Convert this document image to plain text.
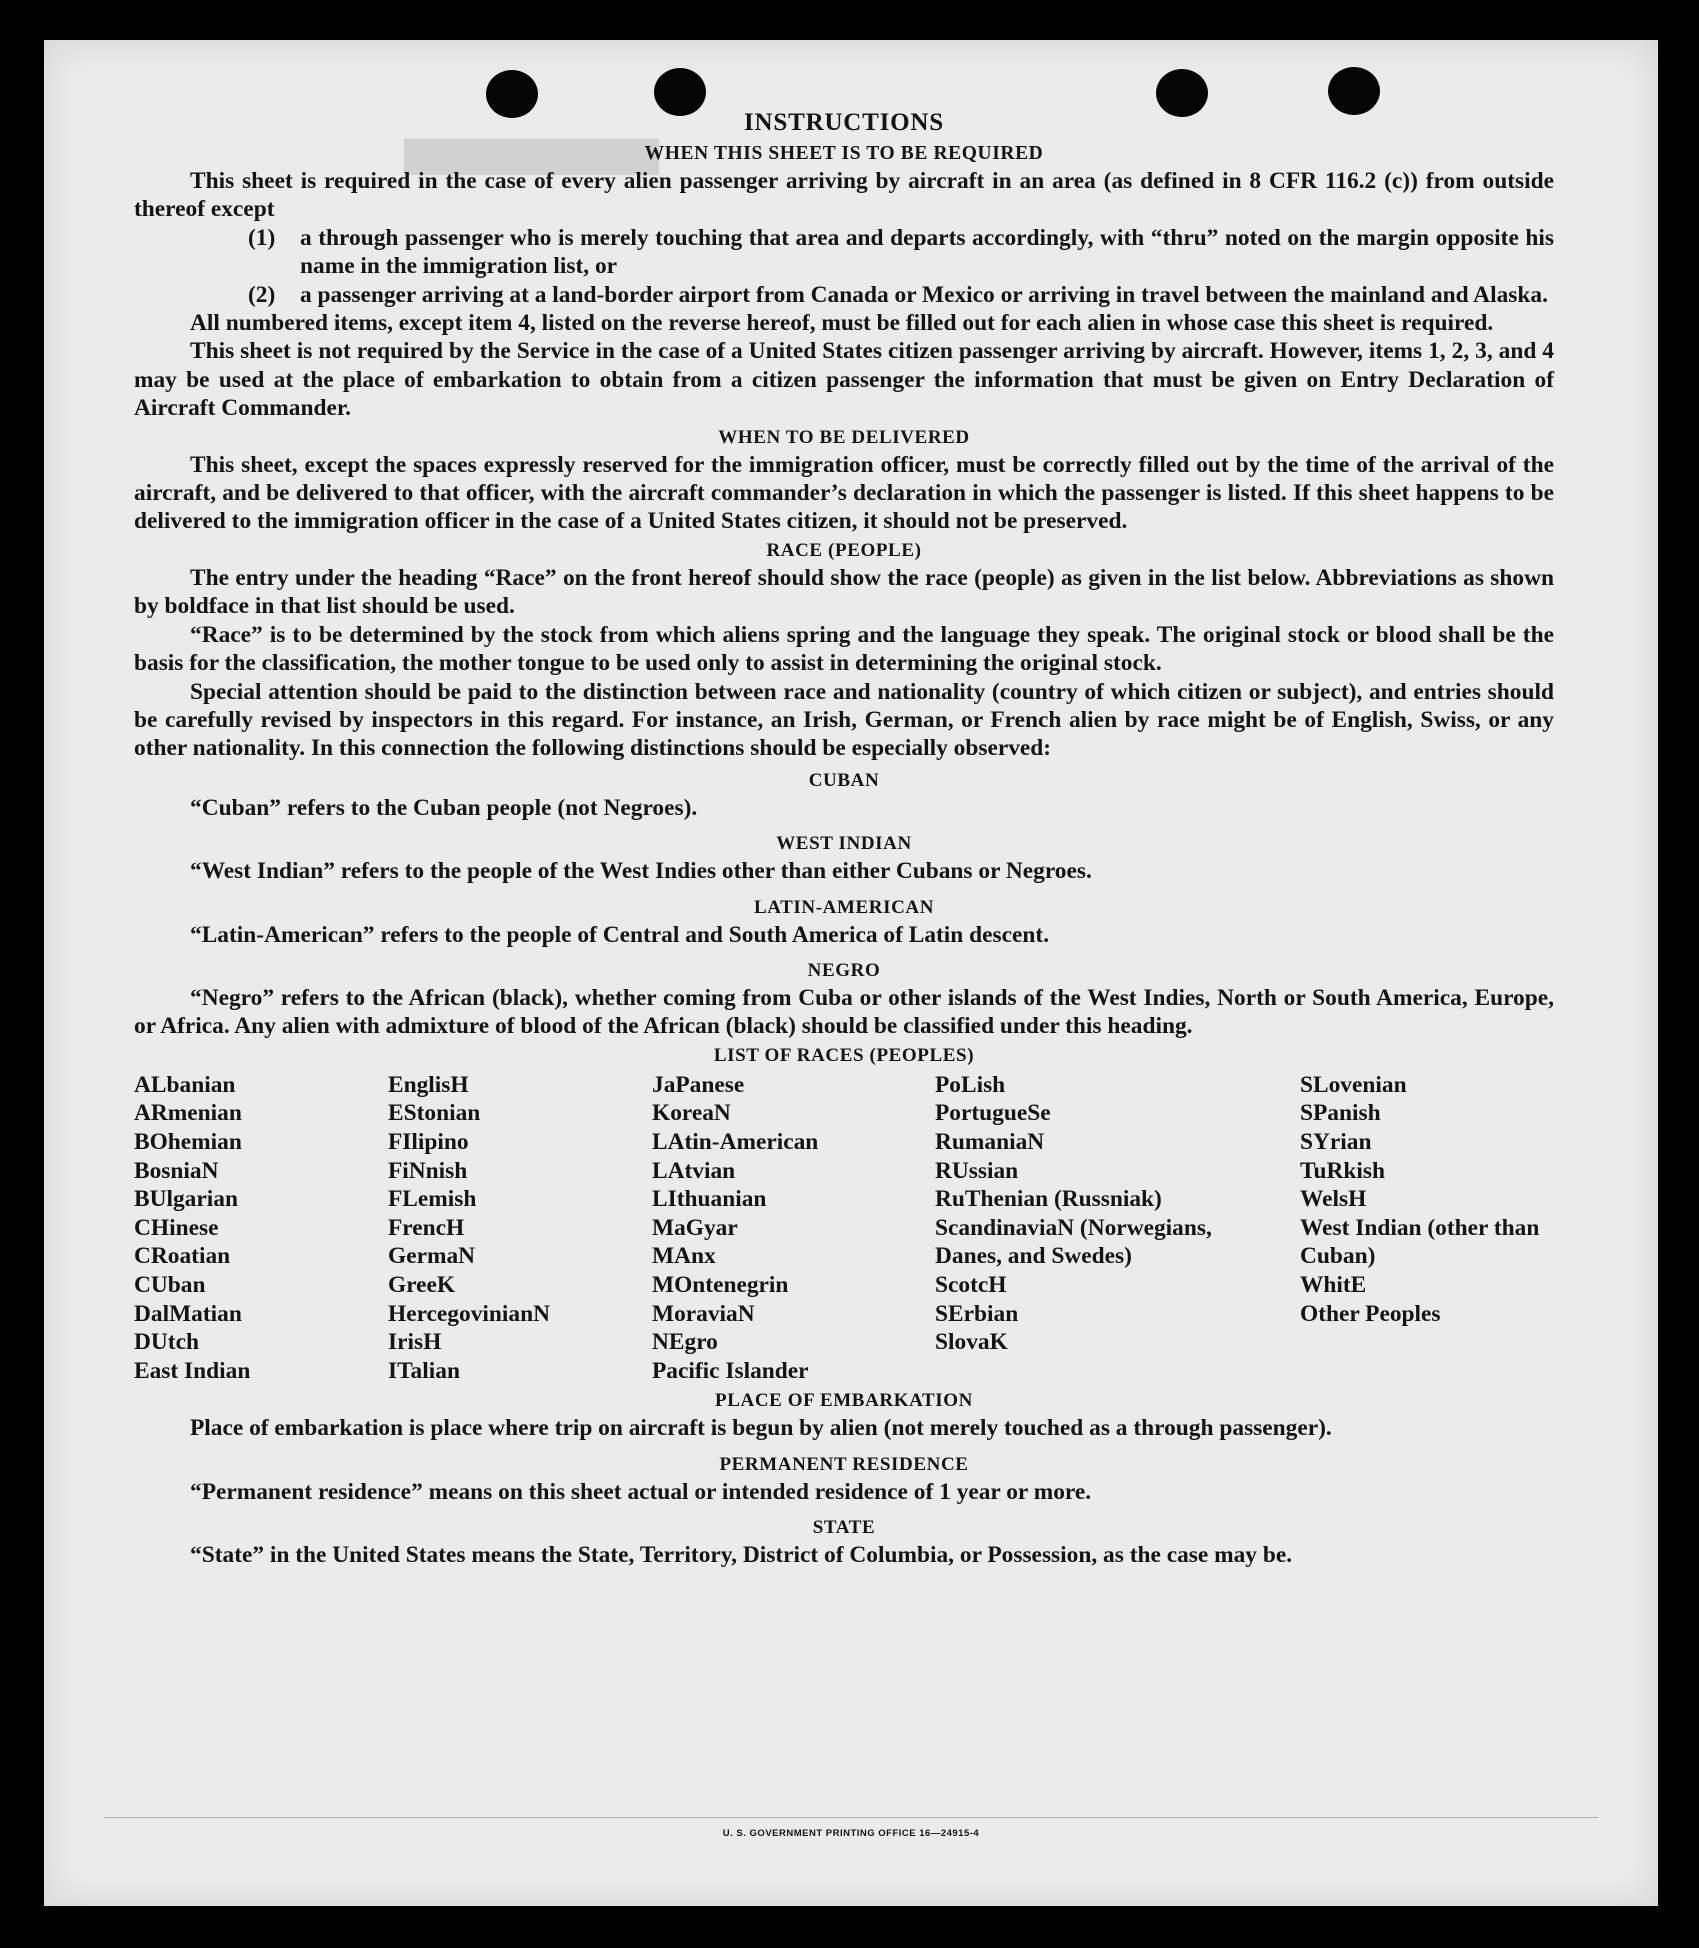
████████████
INSTRUCTIONS
WHEN THIS SHEET IS TO BE REQUIRED

This sheet is required in the case of every alien passenger arriving by aircraft in an area (as defined in 8 CFR 116.2 (c)) from outside thereof except

(1)	a through passenger who is merely touching that area and departs accordingly, with “thru” noted on the margin opposite his name in the immigration list, or
(2)	a passenger arriving at a land-border airport from Canada or Mexico or arriving in travel between the mainland and Alaska.

All numbered items, except item 4, listed on the reverse hereof, must be filled out for each alien in whose case this sheet is required.

This sheet is not required by the Service in the case of a United States citizen passenger arriving by aircraft. However, items 1, 2, 3, and 4 may be used at the place of embarkation to obtain from a citizen passenger the information that must be given on Entry Declaration of Aircraft Commander.

WHEN TO BE DELIVERED

This sheet, except the spaces expressly reserved for the immigration officer, must be correctly filled out by the time of the arrival of the aircraft, and be delivered to that officer, with the aircraft commander’s declaration in which the passenger is listed. If this sheet happens to be delivered to the immigration officer in the case of a United States citizen, it should not be preserved.

RACE (PEOPLE)

The entry under the heading “Race” on the front hereof should show the race (people) as given in the list below. Abbreviations as shown by boldface in that list should be used.

“Race” is to be determined by the stock from which aliens spring and the language they speak. The original stock or blood shall be the basis for the classification, the mother tongue to be used only to assist in determining the original stock.

Special attention should be paid to the distinction between race and nationality (country of which citizen or subject), and entries should be carefully revised by inspectors in this regard. For instance, an Irish, German, or French alien by race might be of English, Swiss, or any other nationality. In this connection the following distinctions should be especially observed:

CUBAN

“Cuban” refers to the Cuban people (not Negroes).

WEST INDIAN

“West Indian” refers to the people of the West Indies other than either Cubans or Negroes.

LATIN-AMERICAN

“Latin-American” refers to the people of Central and South America of Latin descent.

NEGRO

“Negro” refers to the African (black), whether coming from Cuba or other islands of the West Indies, North or South America, Europe, or Africa. Any alien with admixture of blood of the African (black) should be classified under this heading.

LIST OF RACES (PEOPLES)
ALbanian
ARmenian
BOhemian
BosniaN
BUlgarian
CHinese
CRoatian
CUban
DalMatian
DUtch
East Indian
EnglisH
EStonian
FIlipino
FiNnish
FLemish
FrencH
GermaN
GreeK
HercegovinianN
IrisH
ITalian
JaPanese
KoreaN
LAtin-American
LAtvian
LIthuanian
MaGyar
MAnx
MOntenegrin
MoraviaN
NEgro
Pacific Islander
PoLish
PortugueSe
RumaniaN
RUssian
RuThenian (Russniak)
ScandinaviaN (Norwegians, Danes, and Swedes)
ScotcH
SErbian
SlovaK
SLovenian
SPanish
SYrian
TuRkish
WelsH
West Indian (other than Cuban)
WhitE
Other Peoples
PLACE OF EMBARKATION

Place of embarkation is place where trip on aircraft is begun by alien (not merely touched as a through passenger).

PERMANENT RESIDENCE

“Permanent residence” means on this sheet actual or intended residence of 1 year or more.

STATE

“State” in the United States means the State, Territory, District of Columbia, or Possession, as the case may be.

U. S. GOVERNMENT PRINTING OFFICE 16—24915-4
